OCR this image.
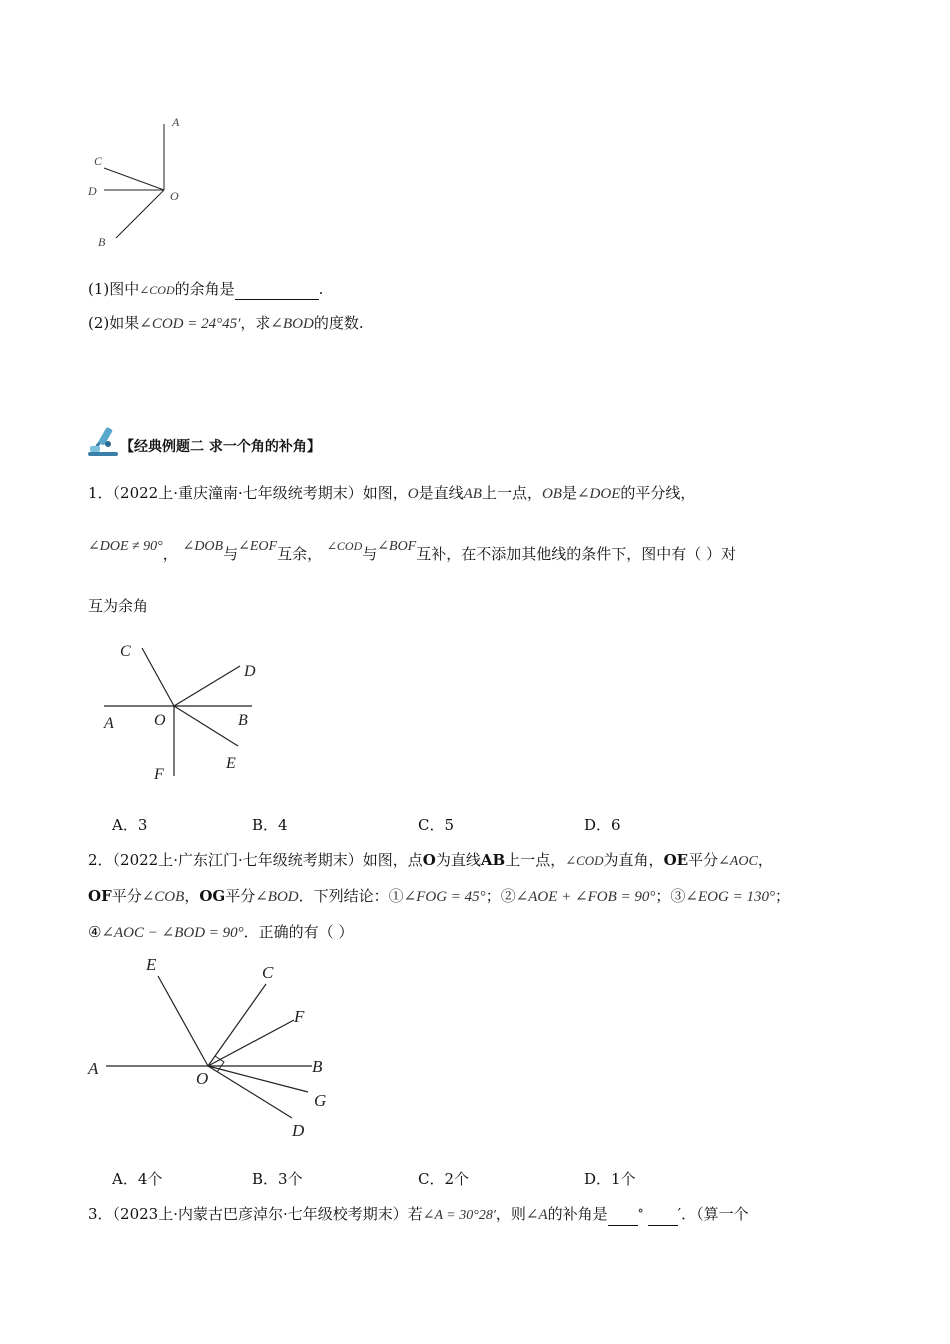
A
C
D	O
B
(1)图中∠COD的余角是	.
(2)如果∠COD = 24°45′，求∠BOD的度数.
【经典例题二 求一个角的补角】
1．（2022上·重庆潼南·七年级统考期末）如图，O是直线AB上一点，OB是∠DOE的平分线，
∠DOE ≠ 90°， ∠DOB与∠EOF互余， $^{\angle COD}$与∠BOF互补，在不添加其他线的条件下，图中有（ ）对
互为余角
C
D
A	O	B
E
F
A．3	B．4	C．5	D．6
2．（2022上·广东江门·七年级统考期末）如图，点O为直线AB上一点，∠COD为直角，OE平分∠AOC，
OF平分∠COB，OG平分∠BOD．下列结论：①∠FOG = 45°；②∠AOE + ∠FOB = 90°；③∠EOG = 130°；
④∠AOC − ∠BOD = 90°．正确的有（ ）
E	C
F
A
O
B
G
D
A．4个	B．3个	C．2个	D．1个
3．（2023上·内蒙古巴彦淖尔·七年级校考期末）若∠A = 30°28′，则∠A的补角是	° ′．（算一个
